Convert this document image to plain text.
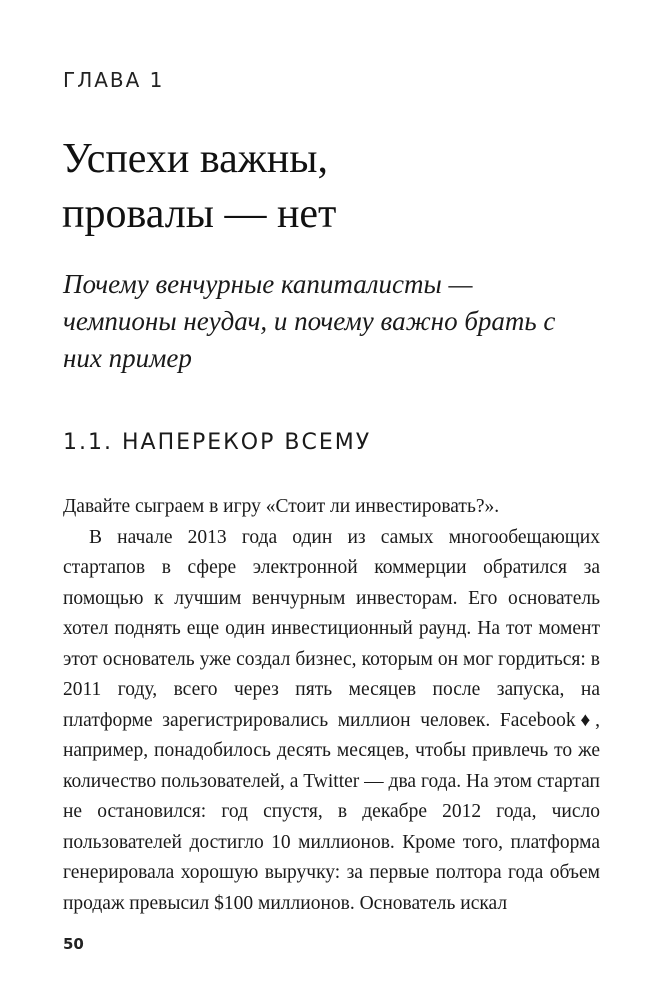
ГЛАВА 1
Успехи важны,
провалы — нет

Почему венчурные капиталисты — чемпионы неудач, и почему важно брать с них пример

1.1. НАПЕРЕКОР ВСЕМУ

Давайте сыграем в игру «Стоит ли инвестировать?».

В начале 2013 года один из самых многообещающих стартапов в сфере электронной коммерции обратился за помощью к лучшим венчурным инвесторам. Его основатель хотел поднять еще один инвестиционный раунд. На тот момент этот основатель уже создал бизнес, которым он мог гордиться: в 2011 году, всего через пять месяцев после запуска, на платформе зарегистрировались миллион человек. Facebook♦, например, понадобилось десять месяцев, чтобы привлечь то же количество пользователей, а Twitter — два года. На этом стартап не остановился: год спустя, в декабре 2012 года, число пользователей достигло 10 миллионов. Кроме того, платформа генерировала хорошую выручку: за первые полтора года объем продаж превысил $100 миллионов. Основатель искал

50
